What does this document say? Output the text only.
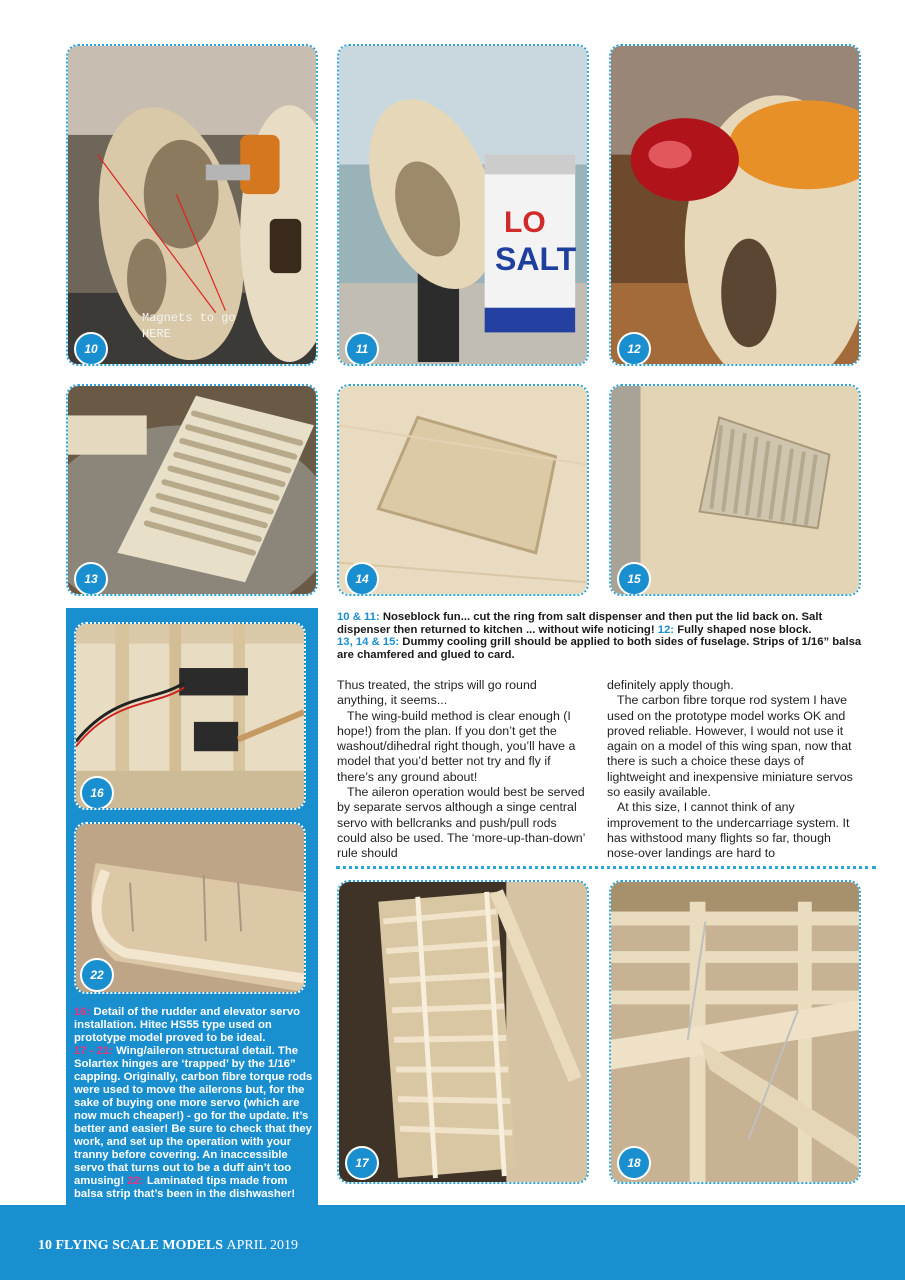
Magnets to go
HERE
10
LO
SALT
11	12
13	14	15
16
22
16: Detail of the rudder and elevator servo installation. Hitec HS55 type used on prototype model proved to be ideal.
17 - 21: Wing/aileron structural detail. The Solartex hinges are ‘trapped’ by the 1/16” capping. Originally, carbon fibre torque rods were used to move the ailerons but, for the sake of buying one more servo (which are now much cheaper!) - go for the update. It’s better and easier! Be sure to check that they work, and set up the operation with your tranny before covering. An inaccessible servo that turns out to be a duff ain’t too amusing! 22: Laminated tips made from balsa strip that’s been in the dishwasher!
10 & 11: Noseblock fun... cut the ring from salt dispenser and then put the lid back on. Salt dispenser then returned to kitchen ... without wife noticing! 12: Fully shaped nose block.
13, 14 & 15: Dummy cooling grill should be applied to both sides of fuselage. Strips of 1/16” balsa are chamfered and glued to card.

Thus treated, the strips will go round anything, it seems...

The wing-build method is clear enough (I hope!) from the plan. If you don’t get the washout/dihedral right though, you’ll have a model that you’d better not try and fly if there’s any ground about!

The aileron operation would best be served by separate servos although a singe central servo with bellcranks and push/pull rods could also be used. The ‘more-up-than-down’ rule should

definitely apply though.

The carbon fibre torque rod system I have used on the prototype model works OK and proved reliable. However, I would not use it again on a model of this wing span, now that there is such a choice these days of lightweight and inexpensive miniature servos so easily available.

At this size, I cannot think of any improvement to the undercarriage system. It has withstood many flights so far, though nose-over landings are hard to

17	18
10 FLYING SCALE MODELS APRIL 2019
